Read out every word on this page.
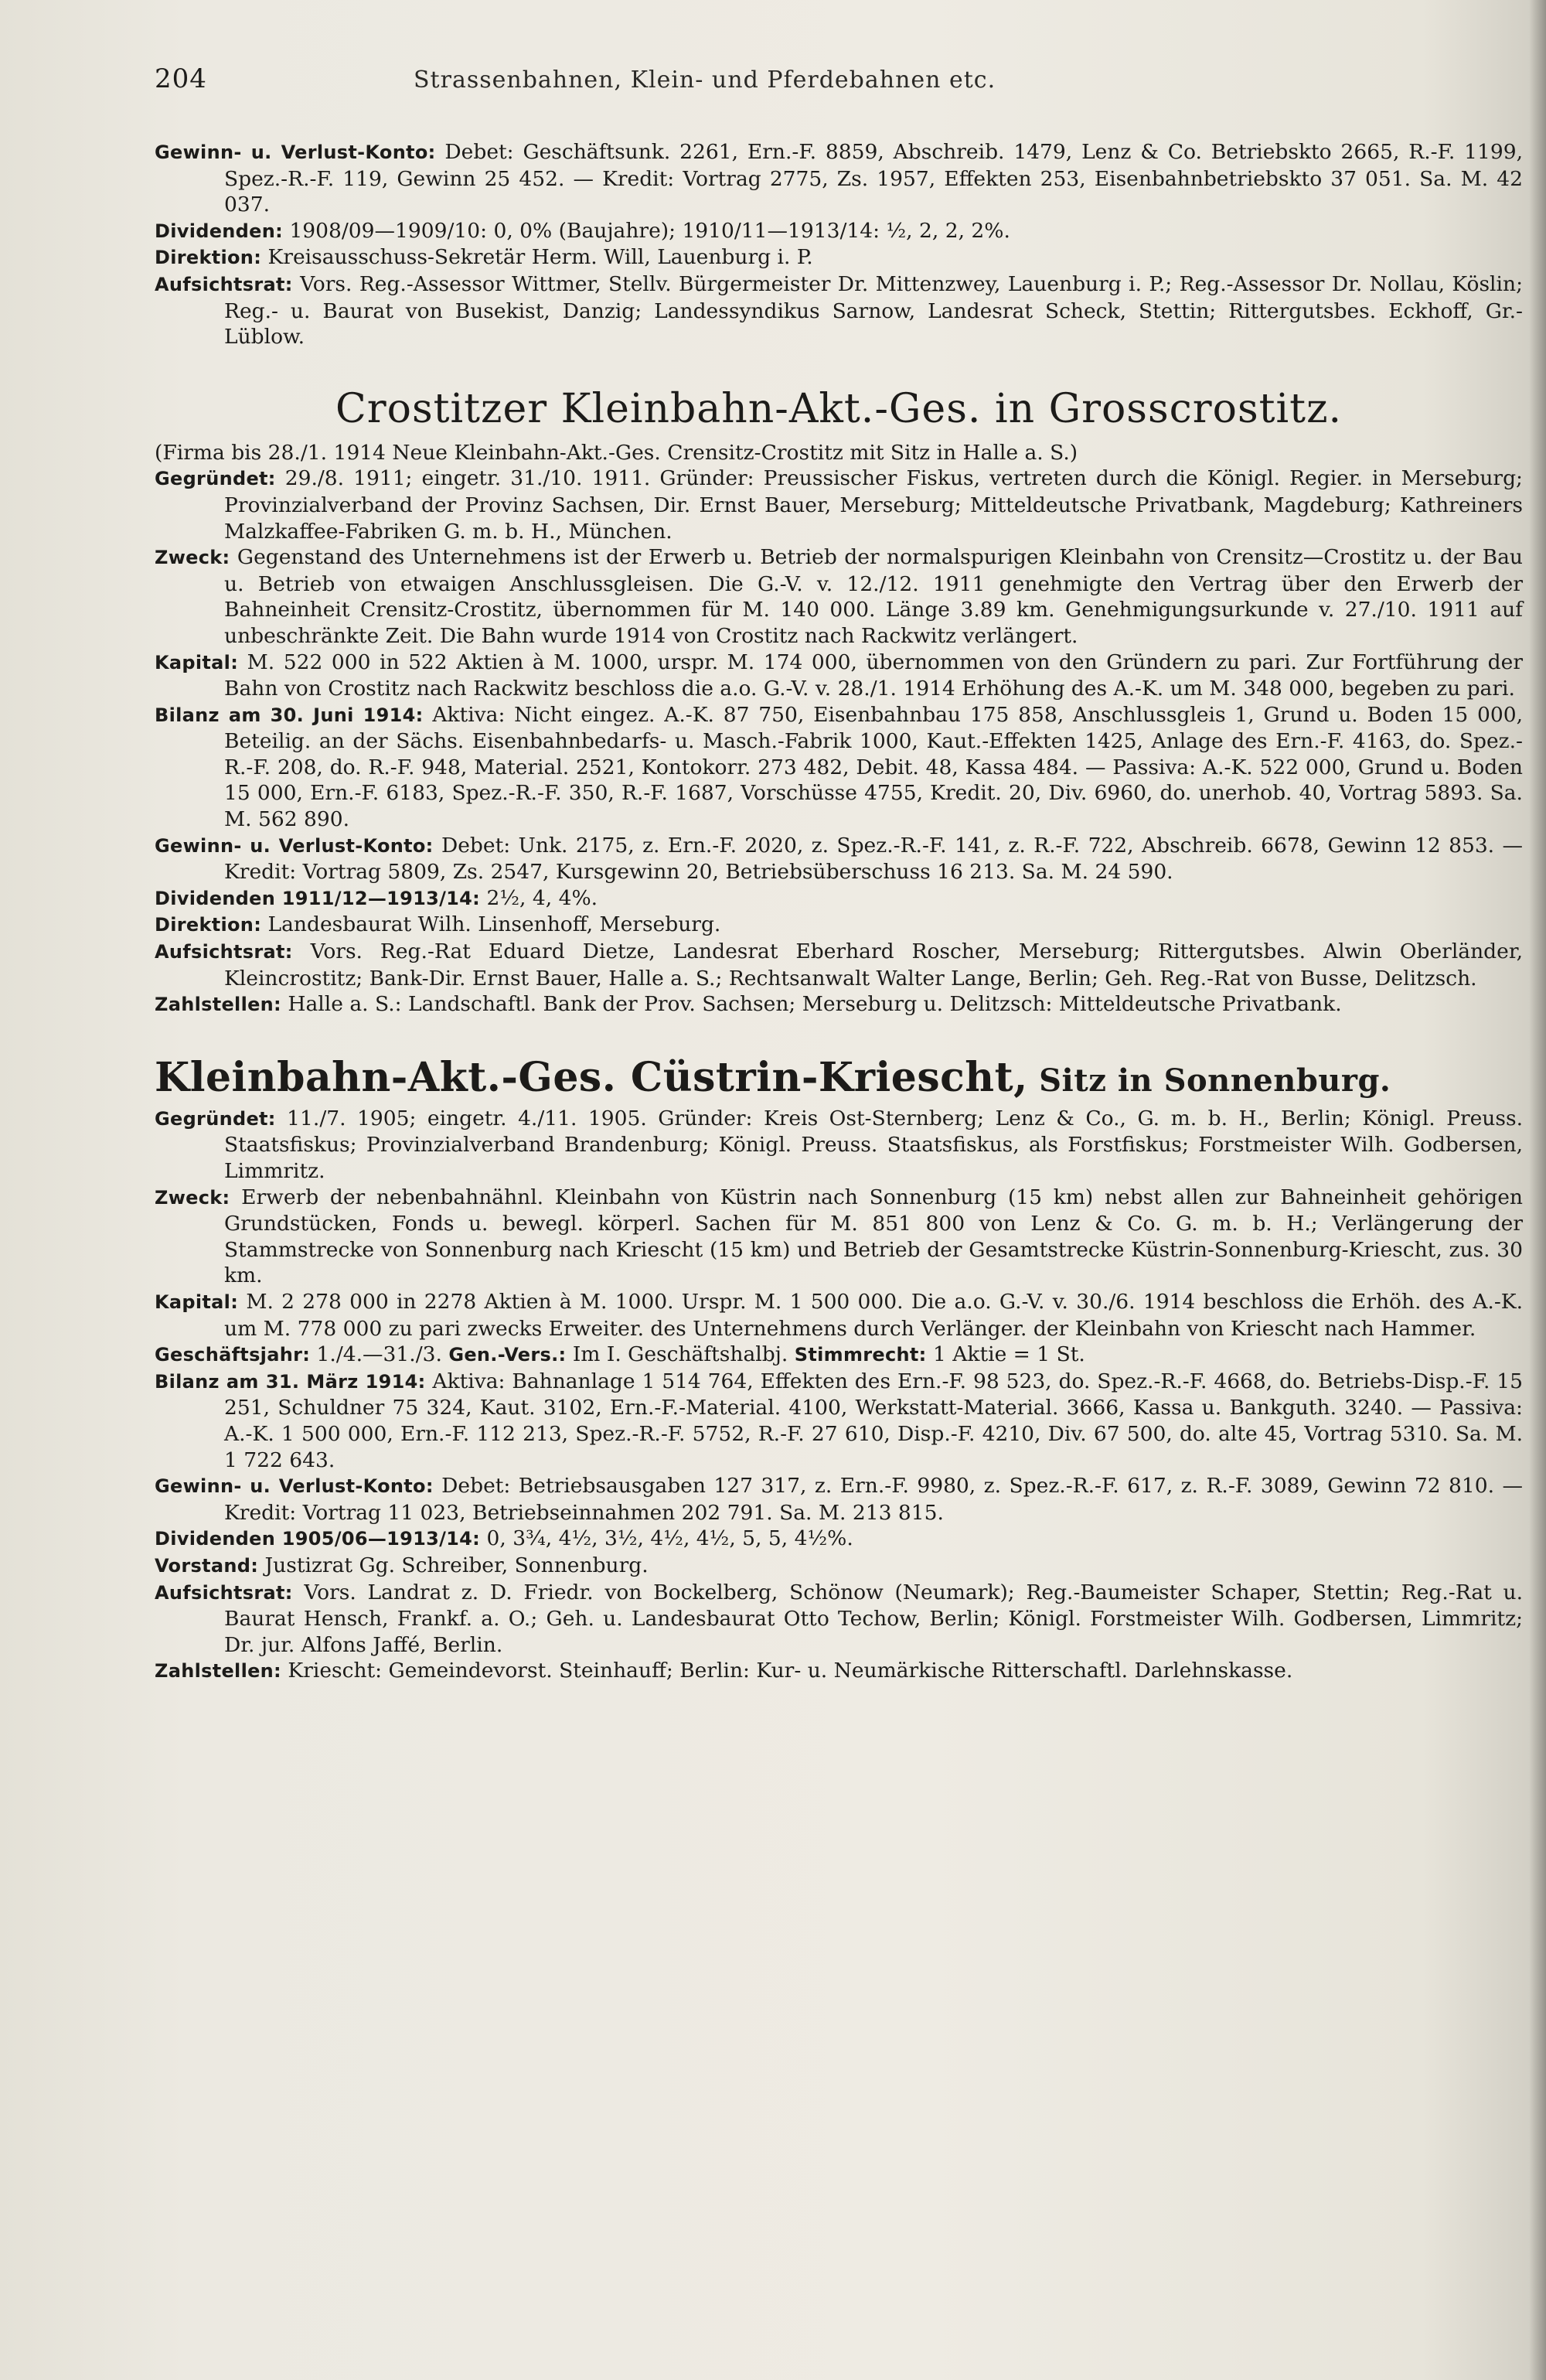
204	Strassenbahnen, Klein- und Pferdebahnen etc.

Gewinn- u. Verlust-Konto: Debet: Geschäftsunk. 2261, Ern.-F. 8859, Abschreib. 1479, Lenz & Co. Betriebskto 2665, R.-F. 1199, Spez.-R.-F. 119, Gewinn 25 452. — Kredit: Vortrag 2775, Zs. 1957, Effekten 253, Eisenbahnbetriebskto 37 051. Sa. M. 42 037.

Dividenden: 1908/09—1909/10: 0, 0% (Baujahre); 1910/11—1913/14: ½, 2, 2, 2%.

Direktion: Kreisausschuss-Sekretär Herm. Will, Lauenburg i. P.

Aufsichtsrat: Vors. Reg.-Assessor Wittmer, Stellv. Bürgermeister Dr. Mittenzwey, Lauenburg i. P.; Reg.-Assessor Dr. Nollau, Köslin; Reg.- u. Baurat von Busekist, Danzig; Landessyndikus Sarnow, Landesrat Scheck, Stettin; Rittergutsbes. Eckhoff, Gr.-Lüblow.

Crostitzer Kleinbahn-Akt.-Ges. in Grosscrostitz.

(Firma bis 28./1. 1914 Neue Kleinbahn-Akt.-Ges. Crensitz-Crostitz mit Sitz in Halle a. S.)

Gegründet: 29./8. 1911; eingetr. 31./10. 1911. Gründer: Preussischer Fiskus, vertreten durch die Königl. Regier. in Merseburg; Provinzialverband der Provinz Sachsen, Dir. Ernst Bauer, Merseburg; Mitteldeutsche Privatbank, Magdeburg; Kathreiners Malzkaffee-Fabriken G. m. b. H., München.

Zweck: Gegenstand des Unternehmens ist der Erwerb u. Betrieb der normalspurigen Kleinbahn von Crensitz—Crostitz u. der Bau u. Betrieb von etwaigen Anschlussgleisen. Die G.-V. v. 12./12. 1911 genehmigte den Vertrag über den Erwerb der Bahneinheit Crensitz-Crostitz, übernommen für M. 140 000. Länge 3.89 km. Genehmigungsurkunde v. 27./10. 1911 auf unbeschränkte Zeit. Die Bahn wurde 1914 von Crostitz nach Rackwitz verlängert.

Kapital: M. 522 000 in 522 Aktien à M. 1000, urspr. M. 174 000, übernommen von den Gründern zu pari. Zur Fortführung der Bahn von Crostitz nach Rackwitz beschloss die a.o. G.-V. v. 28./1. 1914 Erhöhung des A.-K. um M. 348 000, begeben zu pari.

Bilanz am 30. Juni 1914: Aktiva: Nicht eingez. A.-K. 87 750, Eisenbahnbau 175 858, Anschlussgleis 1, Grund u. Boden 15 000, Beteilig. an der Sächs. Eisenbahnbedarfs- u. Masch.-Fabrik 1000, Kaut.-Effekten 1425, Anlage des Ern.-F. 4163, do. Spez.-R.-F. 208, do. R.-F. 948, Material. 2521, Kontokorr. 273 482, Debit. 48, Kassa 484. — Passiva: A.-K. 522 000, Grund u. Boden 15 000, Ern.-F. 6183, Spez.-R.-F. 350, R.-F. 1687, Vorschüsse 4755, Kredit. 20, Div. 6960, do. unerhob. 40, Vortrag 5893. Sa. M. 562 890.

Gewinn- u. Verlust-Konto: Debet: Unk. 2175, z. Ern.-F. 2020, z. Spez.-R.-F. 141, z. R.-F. 722, Abschreib. 6678, Gewinn 12 853. — Kredit: Vortrag 5809, Zs. 2547, Kursgewinn 20, Betriebsüberschuss 16 213. Sa. M. 24 590.

Dividenden 1911/12—1913/14: 2½, 4, 4%.

Direktion: Landesbaurat Wilh. Linsenhoff, Merseburg.

Aufsichtsrat: Vors. Reg.-Rat Eduard Dietze, Landesrat Eberhard Roscher, Merseburg; Rittergutsbes. Alwin Oberländer, Kleincrostitz; Bank-Dir. Ernst Bauer, Halle a. S.; Rechtsanwalt Walter Lange, Berlin; Geh. Reg.-Rat von Busse, Delitzsch.

Zahlstellen: Halle a. S.: Landschaftl. Bank der Prov. Sachsen; Merseburg u. Delitzsch: Mitteldeutsche Privatbank.

Kleinbahn-Akt.-Ges. Cüstrin-Kriescht, Sitz in Sonnenburg.

Gegründet: 11./7. 1905; eingetr. 4./11. 1905. Gründer: Kreis Ost-Sternberg; Lenz & Co., G. m. b. H., Berlin; Königl. Preuss. Staatsfiskus; Provinzialverband Brandenburg; Königl. Preuss. Staatsfiskus, als Forstfiskus; Forstmeister Wilh. Godbersen, Limmritz.

Zweck: Erwerb der nebenbahnähnl. Kleinbahn von Küstrin nach Sonnenburg (15 km) nebst allen zur Bahneinheit gehörigen Grundstücken, Fonds u. bewegl. körperl. Sachen für M. 851 800 von Lenz & Co. G. m. b. H.; Verlängerung der Stammstrecke von Sonnenburg nach Kriescht (15 km) und Betrieb der Gesamtstrecke Küstrin-Sonnenburg-Kriescht, zus. 30 km.

Kapital: M. 2 278 000 in 2278 Aktien à M. 1000. Urspr. M. 1 500 000. Die a.o. G.-V. v. 30./6. 1914 beschloss die Erhöh. des A.-K. um M. 778 000 zu pari zwecks Erweiter. des Unternehmens durch Verlänger. der Kleinbahn von Kriescht nach Hammer.

Geschäftsjahr: 1./4.—31./3. Gen.-Vers.: Im I. Geschäftshalbj. Stimmrecht: 1 Aktie = 1 St.

Bilanz am 31. März 1914: Aktiva: Bahnanlage 1 514 764, Effekten des Ern.-F. 98 523, do. Spez.-R.-F. 4668, do. Betriebs-Disp.-F. 15 251, Schuldner 75 324, Kaut. 3102, Ern.-F.-Material. 4100, Werkstatt-Material. 3666, Kassa u. Bankguth. 3240. — Passiva: A.-K. 1 500 000, Ern.-F. 112 213, Spez.-R.-F. 5752, R.-F. 27 610, Disp.-F. 4210, Div. 67 500, do. alte 45, Vortrag 5310. Sa. M. 1 722 643.

Gewinn- u. Verlust-Konto: Debet: Betriebsausgaben 127 317, z. Ern.-F. 9980, z. Spez.-R.-F. 617, z. R.-F. 3089, Gewinn 72 810. — Kredit: Vortrag 11 023, Betriebseinnahmen 202 791. Sa. M. 213 815.

Dividenden 1905/06—1913/14: 0, 3¾, 4½, 3½, 4½, 4½, 5, 5, 4½%.

Vorstand: Justizrat Gg. Schreiber, Sonnenburg.

Aufsichtsrat: Vors. Landrat z. D. Friedr. von Bockelberg, Schönow (Neumark); Reg.-Baumeister Schaper, Stettin; Reg.-Rat u. Baurat Hensch, Frankf. a. O.; Geh. u. Landesbaurat Otto Techow, Berlin; Königl. Forstmeister Wilh. Godbersen, Limmritz; Dr. jur. Alfons Jaffé, Berlin.

Zahlstellen: Kriescht: Gemeindevorst. Steinhauff; Berlin: Kur- u. Neumärkische Ritterschaftl. Darlehnskasse.
